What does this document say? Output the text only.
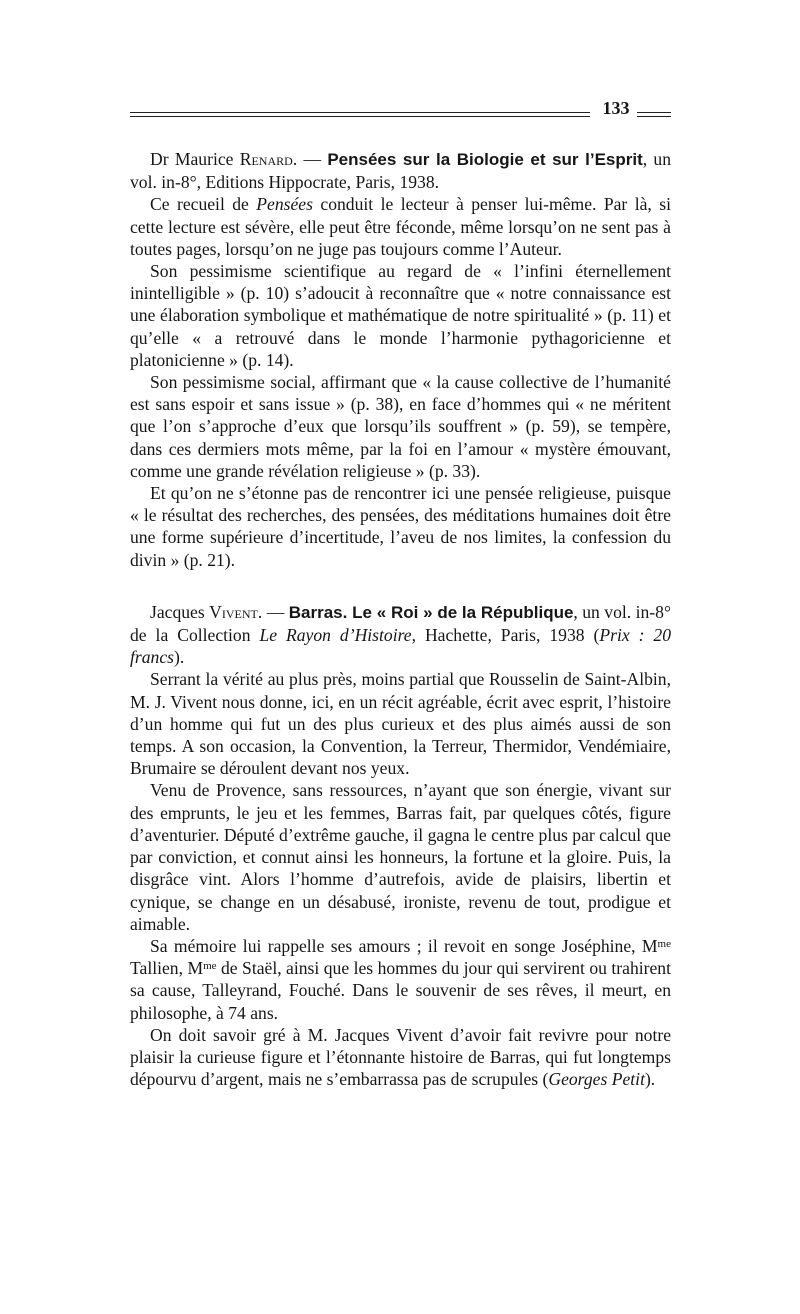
133

Dr Maurice Renard. — Pensées sur la Biologie et sur l’Esprit, un vol. in-8°, Editions Hippocrate, Paris, 1938.

Ce recueil de Pensées conduit le lecteur à penser lui-même. Par là, si cette lecture est sévère, elle peut être féconde, même lorsqu’on ne sent pas à toutes pages, lorsqu’on ne juge pas toujours comme l’Auteur.

Son pessimisme scientifique au regard de « l’infini éternellement inintelligible » (p. 10) s’adoucit à reconnaître que « notre connaissance est une élaboration symbolique et mathématique de notre spiritualité » (p. 11) et qu’elle « a retrouvé dans le monde l’harmonie pythagoricienne et platonicienne » (p. 14).

Son pessimisme social, affirmant que « la cause collective de l’humanité est sans espoir et sans issue » (p. 38), en face d’hommes qui « ne méritent que l’on s’approche d’eux que lorsqu’ils souffrent » (p. 59), se tempère, dans ces dermiers mots même, par la foi en l’amour « mystère émouvant, comme une grande révélation religieuse » (p. 33).

Et qu’on ne s’étonne pas de rencontrer ici une pensée religieuse, puisque « le résultat des recherches, des pensées, des méditations humaines doit être une forme supérieure d’incertitude, l’aveu de nos limites, la confession du divin » (p. 21).

Jacques Vivent. — Barras. Le « Roi » de la République, un vol. in-8° de la Collection Le Rayon d’Histoire, Hachette, Paris, 1938 (Prix : 20 francs).

Serrant la vérité au plus près, moins partial que Rousselin de Saint-Albin, M. J. Vivent nous donne, ici, en un récit agréable, écrit avec esprit, l’histoire d’un homme qui fut un des plus curieux et des plus aimés aussi de son temps. A son occasion, la Convention, la Terreur, Thermidor, Vendémiaire, Brumaire se déroulent devant nos yeux.

Venu de Provence, sans ressources, n’ayant que son énergie, vivant sur des emprunts, le jeu et les femmes, Barras fait, par quelques côtés, figure d’aventurier. Député d’extrême gauche, il gagna le centre plus par calcul que par conviction, et connut ainsi les honneurs, la fortune et la gloire. Puis, la disgrâce vint. Alors l’homme d’autrefois, avide de plaisirs, libertin et cynique, se change en un désabusé, ironiste, revenu de tout, prodigue et aimable.

Sa mémoire lui rappelle ses amours ; il revoit en songe Joséphine, $M^{me}$ Tallien, $M^{me}$ de Staël, ainsi que les hommes du jour qui servirent ou trahirent sa cause, Talleyrand, Fouché. Dans le souvenir de ses rêves, il meurt, en philosophe, à 74 ans.

On doit savoir gré à M. Jacques Vivent d’avoir fait revivre pour notre plaisir la curieuse figure et l’étonnante histoire de Barras, qui fut longtemps dépourvu d’argent, mais ne s’embarrassa pas de scrupules (Georges Petit).
